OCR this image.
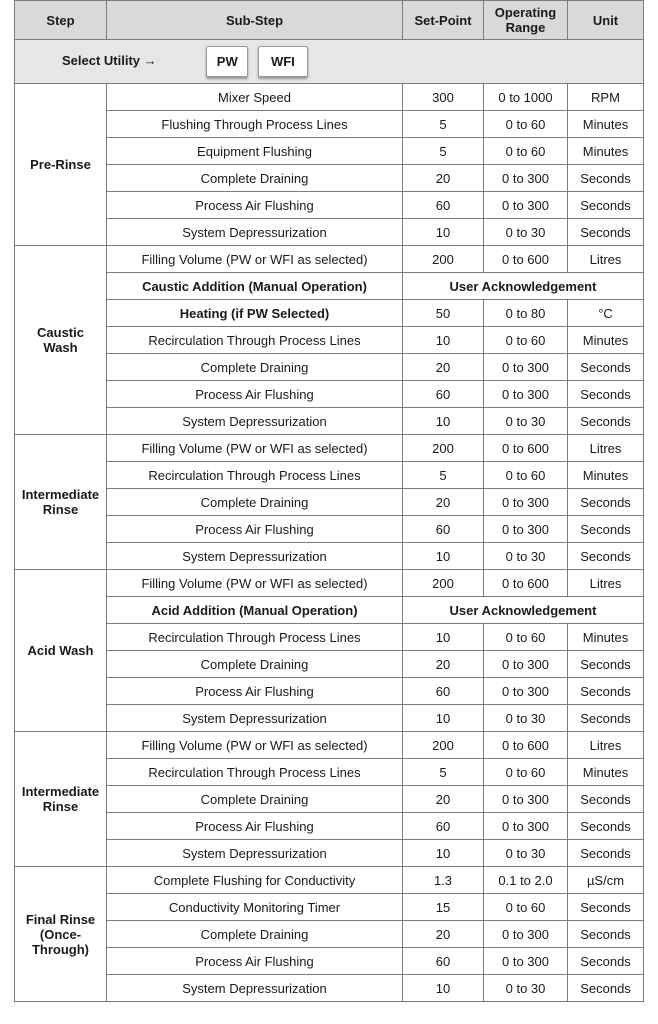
Step	Sub-Step	Set-Point	Operating Range	Unit
Select Utility → PW WFI				
Pre-Rinse	Mixer Speed	300	0 to 1000	RPM
	Flushing Through Process Lines	5	0 to 60	Minutes
	Equipment Flushing	5	0 to 60	Minutes
	Complete Draining	20	0 to 300	Seconds
	Process Air Flushing	60	0 to 300	Seconds
	System Depressurization	10	0 to 30	Seconds
Caustic Wash	Filling Volume (PW or WFI as selected)	200	0 to 600	Litres
	Caustic Addition (Manual Operation)	User Acknowledgement		
	Heating (if PW Selected)	50	0 to 80	°C
	Recirculation Through Process Lines	10	0 to 60	Minutes
	Complete Draining	20	0 to 300	Seconds
	Process Air Flushing	60	0 to 300	Seconds
	System Depressurization	10	0 to 30	Seconds
Intermediate Rinse	Filling Volume (PW or WFI as selected)	200	0 to 600	Litres
	Recirculation Through Process Lines	5	0 to 60	Minutes
	Complete Draining	20	0 to 300	Seconds
	Process Air Flushing	60	0 to 300	Seconds
	System Depressurization	10	0 to 30	Seconds
Acid Wash	Filling Volume (PW or WFI as selected)	200	0 to 600	Litres
	Acid Addition (Manual Operation)	User Acknowledgement		
	Recirculation Through Process Lines	10	0 to 60	Minutes
	Complete Draining	20	0 to 300	Seconds
	Process Air Flushing	60	0 to 300	Seconds
	System Depressurization	10	0 to 30	Seconds
Intermediate Rinse	Filling Volume (PW or WFI as selected)	200	0 to 600	Litres
	Recirculation Through Process Lines	5	0 to 60	Minutes
	Complete Draining	20	0 to 300	Seconds
	Process Air Flushing	60	0 to 300	Seconds
	System Depressurization	10	0 to 30	Seconds
Final Rinse (Once-Through)	Complete Flushing for Conductivity	1.3	0.1 to 2.0	µS/cm
	Conductivity Monitoring Timer	15	0 to 60	Seconds
	Complete Draining	20	0 to 300	Seconds
	Process Air Flushing	60	0 to 300	Seconds
	System Depressurization	10	0 to 30	Seconds
